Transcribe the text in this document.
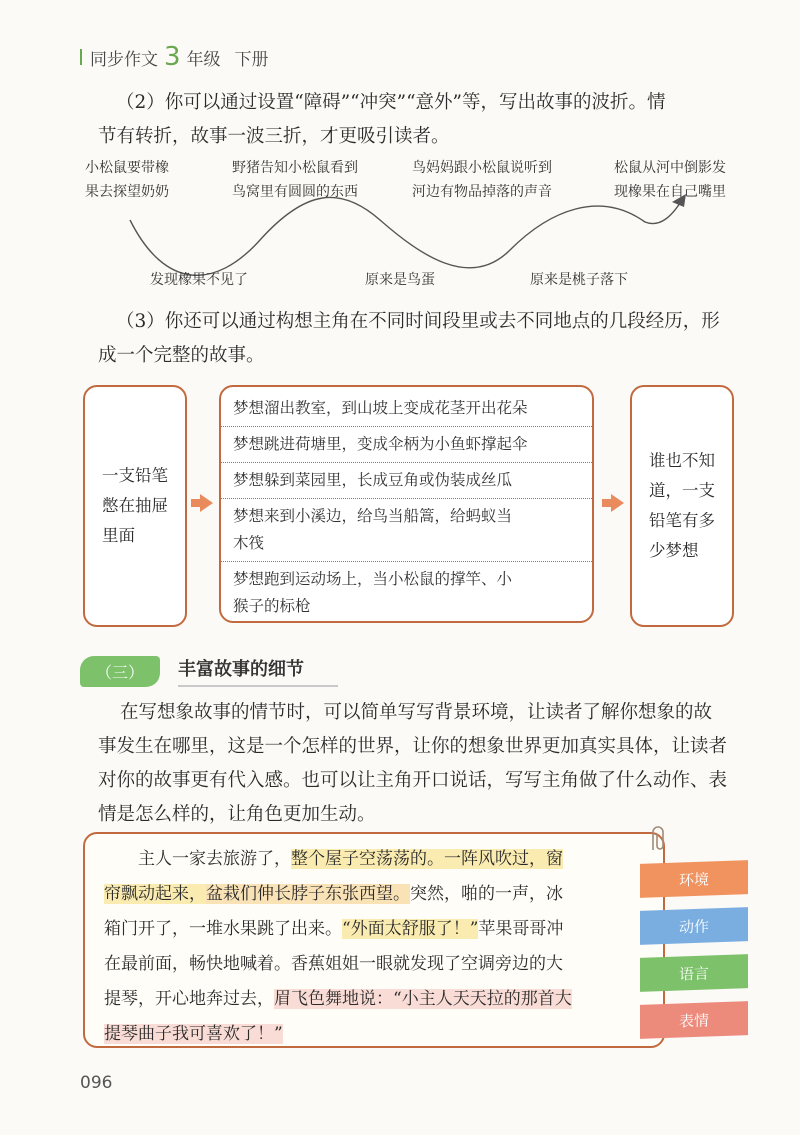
同步作文 3 年级 下册
（2）你可以通过设置“障碍”“冲突”“意外”等，写出故事的波折。情
节有转折，故事一波三折，才更吸引读者。
小松鼠要带橡
果去探望奶奶
野猪告知小松鼠看到
鸟窝里有圆圆的东西
鸟妈妈跟小松鼠说听到
河边有物品掉落的声音
松鼠从河中倒影发
现橡果在自己嘴里
发现橡果不见了	原来是鸟蛋	原来是桃子落下
（3）你还可以通过构想主角在不同时间段里或去不同地点的几段经历，形
成一个完整的故事。
一支铅笔
憋在抽屉
里面
梦想溜出教室，到山坡上变成花茎开出花朵
梦想跳进荷塘里，变成伞柄为小鱼虾撑起伞
梦想躲到菜园里，长成豆角或伪装成丝瓜
梦想来到小溪边，给鸟当船篙，给蚂蚁当
木筏
梦想跑到运动场上，当小松鼠的撑竿、小
猴子的标枪
谁也不知
道，一支
铅笔有多
少梦想
（三）	丰富故事的细节
在写想象故事的情节时，可以简单写写背景环境，让读者了解你想象的故
事发生在哪里，这是一个怎样的世界，让你的想象世界更加真实具体，让读者
对你的故事更有代入感。也可以让主角开口说话，写写主角做了什么动作、表
情是怎么样的，让角色更加生动。
主人一家去旅游了，整个屋子空荡荡的。一阵风吹过，窗
帘飘动起来，盆栽们伸长脖子东张西望。突然，啪的一声，冰
箱门开了，一堆水果跳了出来。“外面太舒服了！”苹果哥哥冲
在最前面，畅快地喊着。香蕉姐姐一眼就发现了空调旁边的大
提琴，开心地奔过去，眉飞色舞地说：“小主人天天拉的那首大
提琴曲子我可喜欢了！”
环境
动作
语言
表情
096
